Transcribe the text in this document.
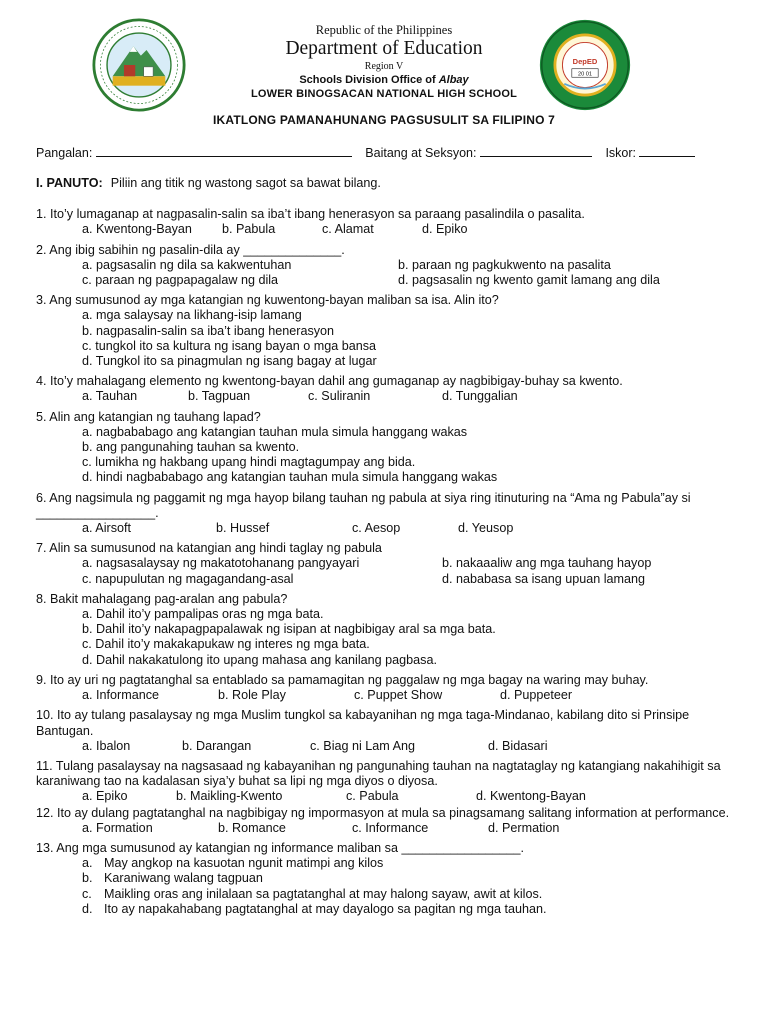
DepED
20 01
Republic of the Philippines
Department of Education
Region V
Schools Division Office of Albay
LOWER BINOGSACAN NATIONAL HIGH SCHOOL
IKATLONG PAMANAHUNANG PAGSUSULIT SA FILIPINO 7
Pangalan:	Baitang at Seksyon:	Iskor:
I. PANUTO: Piliin ang titik ng wastong sagot sa bawat bilang.
1. Ito’y lumaganap at nagpasalin-salin sa iba’t ibang henerasyon sa paraang pasalindila o pasalita.
a. Kwentong-Bayan	b. Pabula	c. Alamat	d. Epiko
2. Ang ibig sabihin ng pasalin-dila ay ______________.
a. pagsasalin ng dila sa kakwentuhan	b. paraan ng pagkukwento na pasalita
c. paraan ng pagpapagalaw ng dila	d. pagsasalin ng kwento gamit lamang ang dila
3. Ang sumusunod ay mga katangian ng kuwentong-bayan maliban sa isa. Alin ito?
a. mga salaysay na likhang-isip lamang
b. nagpasalin-salin sa iba’t ibang henerasyon
c. tungkol ito sa kultura ng isang bayan o mga bansa
d. Tungkol ito sa pinagmulan ng isang bagay at lugar
4. Ito’y mahalagang elemento ng kwentong-bayan dahil ang gumaganap ay nagbibigay-buhay sa kwento.
a. Tauhan	b. Tagpuan	c. Suliranin	d. Tunggalian
5. Alin ang katangian ng tauhang lapad?
a. nagbababago ang katangian tauhan mula simula hanggang wakas
b. ang pangunahing tauhan sa kwento.
c. lumikha ng hakbang upang hindi magtagumpay ang bida.
d. hindi nagbababago ang katangian tauhan mula simula hanggang wakas
6. Ang nagsimula ng paggamit ng mga hayop bilang tauhan ng pabula at siya ring itinuturing na “Ama ng Pabula”ay si _________________.
a. Airsoft	b. Hussef	c. Aesop	d. Yeusop
7. Alin sa sumusunod na katangian ang hindi taglay ng pabula
a. nagsasalaysay ng makatotohanang pangyayari	b. nakaaaliw ang mga tauhang hayop
c. napupulutan ng magagandang-asal	d. nababasa sa isang upuan lamang
8. Bakit mahalagang pag-aralan ang pabula?
a. Dahil ito’y pampalipas oras ng mga bata.
b. Dahil ito’y nakapagpapalawak ng isipan at nagbibigay aral sa mga bata.
c. Dahil ito’y makakapukaw ng interes ng mga bata.
d. Dahil nakakatulong ito upang mahasa ang kanilang pagbasa.
9. Ito ay uri ng pagtatanghal sa entablado sa pamamagitan ng paggalaw ng mga bagay na waring may buhay.
a. Informance	b. Role Play	c. Puppet Show	d. Puppeteer
10. Ito ay tulang pasalaysay ng mga Muslim tungkol sa kabayanihan ng mga taga-Mindanao, kabilang dito si Prinsipe Bantugan.
a. Ibalon	b. Darangan	c. Biag ni Lam Ang	d. Bidasari
11. Tulang pasalaysay na nagsasaad ng kabayanihan ng pangunahing tauhan na nagtataglay ng katangiang nakahihigit sa karaniwang tao na kadalasan siya’y buhat sa lipi ng mga diyos o diyosa.
a. Epiko	b. Maikling-Kwento	c. Pabula	d. Kwentong-Bayan
12. Ito ay dulang pagtatanghal na nagbibigay ng impormasyon at mula sa pinagsamang salitang information at performance.
a. Formation	b. Romance	c. Informance	d. Permation
13. Ang mga sumusunod ay katangian ng informance maliban sa _________________.
a. May angkop na kasuotan ngunit matimpi ang kilos
b. Karaniwang walang tagpuan
c. Maikling oras ang inilalaan sa pagtatanghal at may halong sayaw, awit at kilos.
d. Ito ay napakahabang pagtatanghal at may dayalogo sa pagitan ng mga tauhan.
